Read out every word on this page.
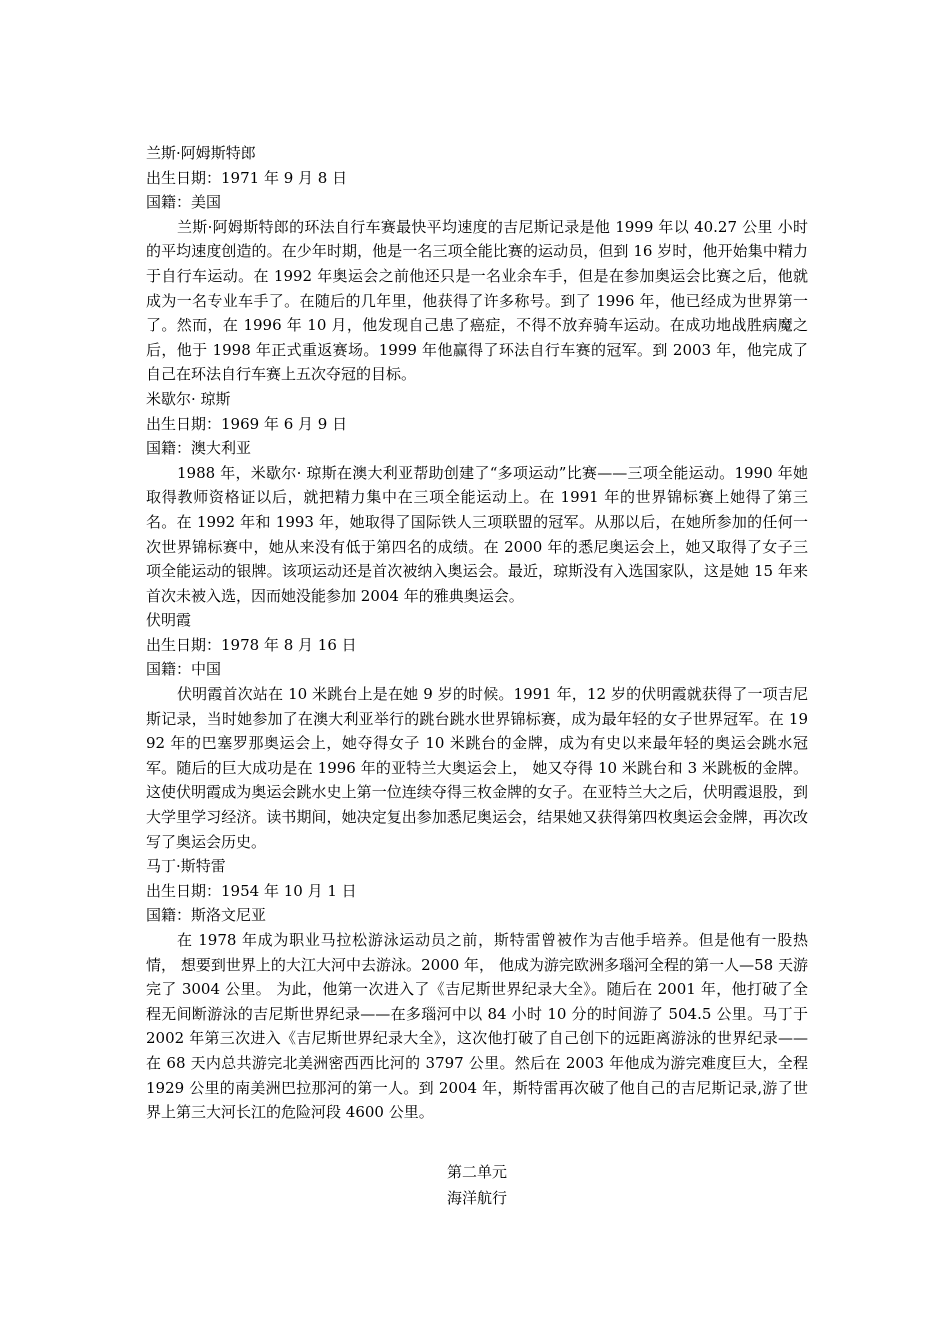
兰斯·阿姆斯特郎
出生日期：1971 年 9 月 8 日
国籍：美国
兰斯·阿姆斯特郎的环法自行车赛最快平均速度的吉尼斯记录是他 1999 年以 40.27 公里 小时的平均速度创造的。在少年时期，他是一名三项全能比赛的运动员，但到 16 岁时，他开始集中精力于自行车运动。在 1992 年奥运会之前他还只是一名业余车手，但是在参加奥运会比赛之后，他就成为一名专业车手了。在随后的几年里，他获得了许多称号。到了 1996 年，他已经成为世界第一了。然而，在 1996 年 10 月，他发现自己患了癌症，不得不放弃骑车运动。在成功地战胜病魔之后，他于 1998 年正式重返赛场。1999 年他赢得了环法自行车赛的冠军。到 2003 年，他完成了自己在环法自行车赛上五次夺冠的目标。
米歇尔· 琼斯
出生日期：1969 年 6 月 9 日
国籍：澳大利亚
1988 年，米歇尔· 琼斯在澳大利亚帮助创建了“多项运动”比赛——三项全能运动。1990 年她取得教师资格证以后，就把精力集中在三项全能运动上。在 1991 年的世界锦标赛上她得了第三名。在 1992 年和 1993 年，她取得了国际铁人三项联盟的冠军。从那以后，在她所参加的任何一次世界锦标赛中，她从来没有低于第四名的成绩。在 2000 年的悉尼奥运会上，她又取得了女子三项全能运动的银牌。该项运动还是首次被纳入奥运会。最近，琼斯没有入选国家队，这是她 15 年来首次未被入选，因而她没能参加 2004 年的雅典奥运会。
伏明霞
出生日期：1978 年 8 月 16 日
国籍：中国
伏明霞首次站在 10 米跳台上是在她 9 岁的时候。1991 年，12 岁的伏明霞就获得了一项吉尼斯记录，当时她参加了在澳大利亚举行的跳台跳水世界锦标赛，成为最年轻的女子世界冠军。在 1992 年的巴塞罗那奥运会上，她夺得女子 10 米跳台的金牌，成为有史以来最年轻的奥运会跳水冠军。随后的巨大成功是在 1996 年的亚特兰大奥运会上， 她又夺得 10 米跳台和 3 米跳板的金牌。这使伏明霞成为奥运会跳水史上第一位连续夺得三枚金牌的女子。在亚特兰大之后，伏明霞退股，到大学里学习经济。读书期间，她决定复出参加悉尼奥运会，结果她又获得第四枚奥运会金牌，再次改写了奥运会历史。
马丁·斯特雷
出生日期：1954 年 10 月 1 日
国籍：斯洛文尼亚
在 1978 年成为职业马拉松游泳运动员之前，斯特雷曾被作为吉他手培养。但是他有一股热情， 想要到世界上的大江大河中去游泳。2000 年， 他成为游完欧洲多瑙河全程的第一人—58 天游完了 3004 公里。 为此，他第一次进入了《吉尼斯世界纪录大全》。随后在 2001 年，他打破了全程无间断游泳的吉尼斯世界纪录——在多瑙河中以 84 小时 10 分的时间游了 504.5 公里。马丁于 2002 年第三次进入《吉尼斯世界纪录大全》，这次他打破了自己创下的远距离游泳的世界纪录——在 68 天内总共游完北美洲密西西比河的 3797 公里。然后在 2003 年他成为游完难度巨大，全程 1929 公里的南美洲巴拉那河的第一人。到 2004 年，斯特雷再次破了他自己的吉尼斯记录,游了世界上第三大河长江的危险河段 4600 公里。
第二单元
海洋航行
